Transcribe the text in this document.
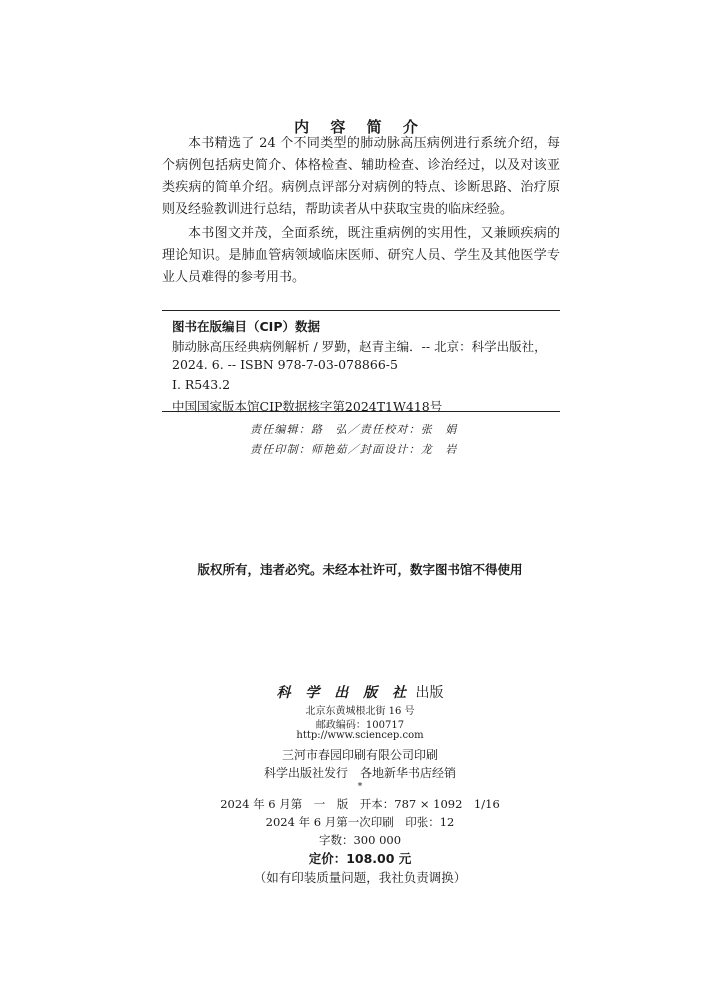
内 容 简 介

本书精选了 24 个不同类型的肺动脉高压病例进行系统介绍，每个病例包括病史简介、体格检查、辅助检查、诊治经过，以及对该亚类疾病的简单介绍。病例点评部分对病例的特点、诊断思路、治疗原则及经验教训进行总结，帮助读者从中获取宝贵的临床经验。

本书图文并茂，全面系统，既注重病例的实用性，又兼顾疾病的理论知识。是肺血管病领域临床医师、研究人员、学生及其他医学专业人员难得的参考用书。

图书在版编目（CIP）数据
肺动脉高压经典病例解析 / 罗勤，赵青主编．-- 北京：科学出版社，
2024. 6. -- ISBN 978-7-03-078866-5
Ⅰ. R543.2
中国国家版本馆CIP数据核字第2024T1W418号
责任编辑：路　弘／责任校对：张　娟
责任印制：师艳茹／封面设计：龙　岩
版权所有，违者必究。未经本社许可，数字图书馆不得使用
科 学 出 版 社 出版
北京东黄城根北街 16 号
邮政编码：100717
http://www.sciencep.com
三河市春园印刷有限公司印刷
科学出版社发行　各地新华书店经销
*
2024 年 6 月第　一　版　开本：787 × 1092　1/16
2024 年 6 月第一次印刷　印张：12
字数：300 000
定价：108.00 元
（如有印装质量问题，我社负责调换）
